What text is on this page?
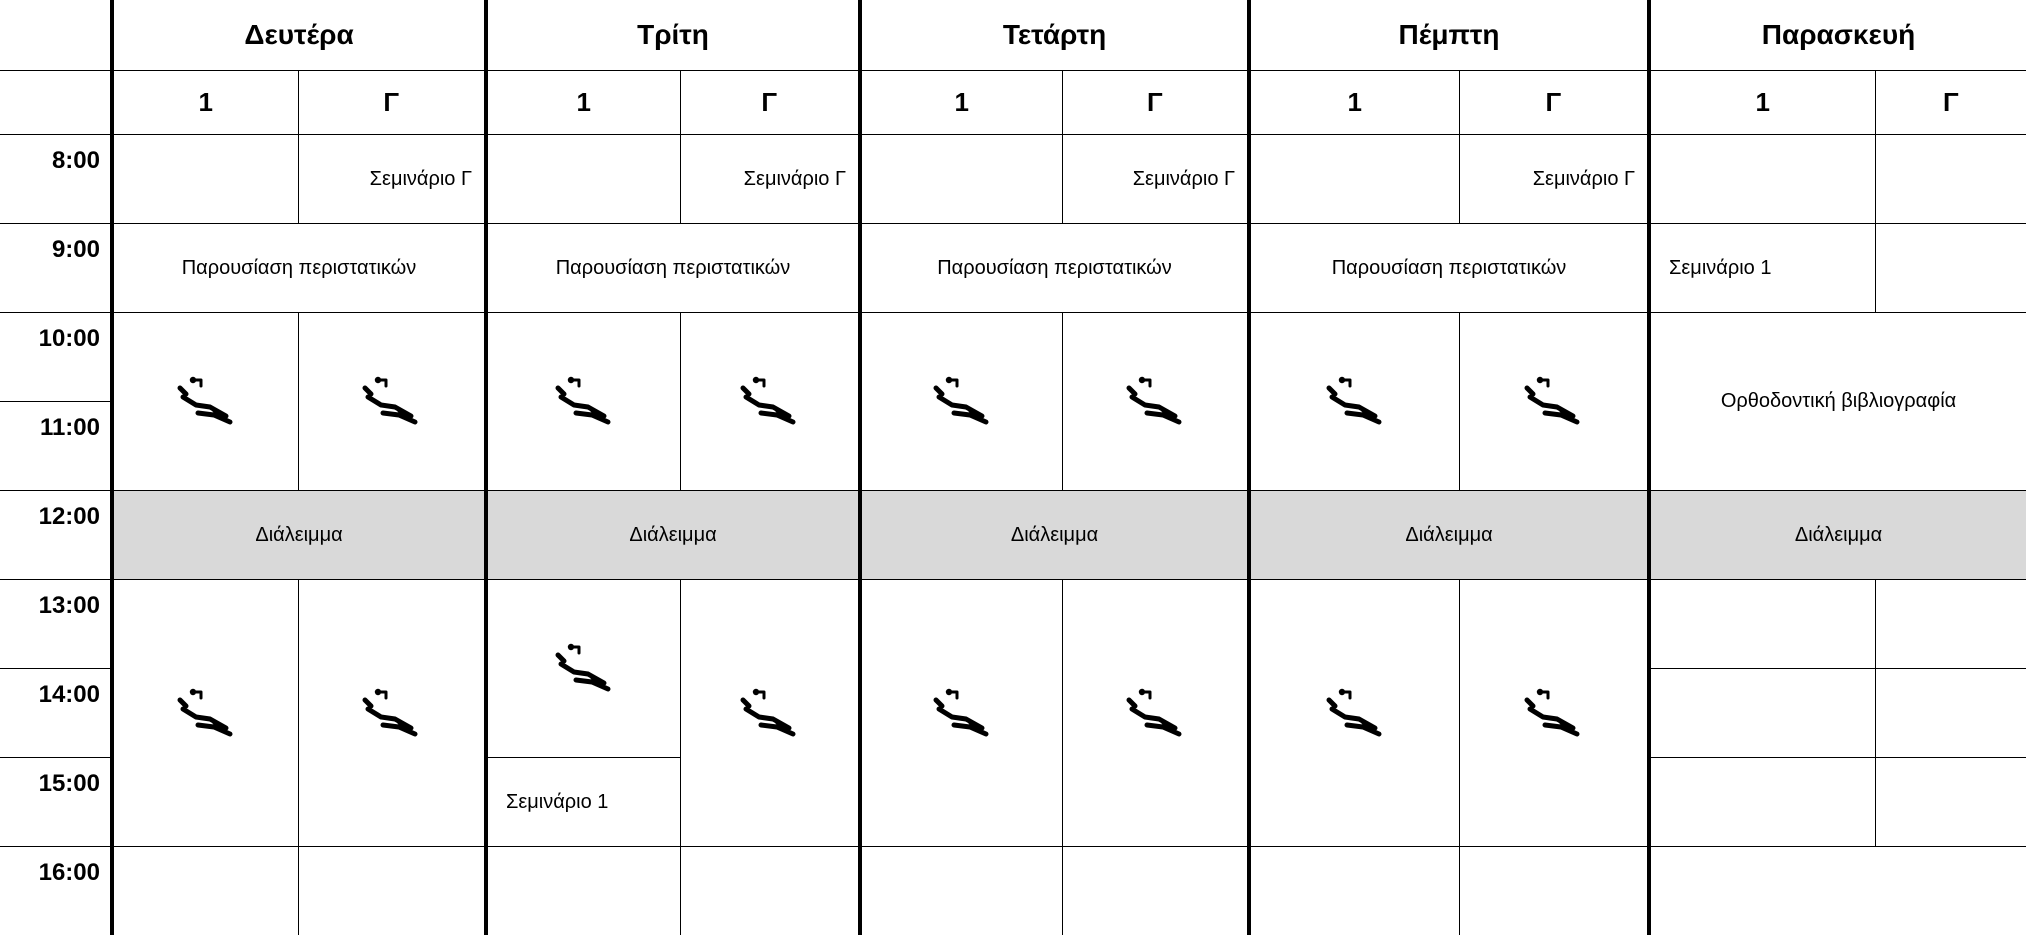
	Δευτέρα		Τρίτη		Τετάρτη		Πέμπτη		Παρασκευή	
	1	Γ	1	Γ	1	Γ	1	Γ	1	Γ
8:00		Σεμινάριο Γ		Σεμινάριο Γ		Σεμινάριο Γ		Σεμινάριο Γ		
9:00	Παρουσίαση περιστατικών		Παρουσίαση περιστατικών		Παρουσίαση περιστατικών		Παρουσίαση περιστατικών		Σεμινάριο 1	
10:00									Ορθοδοντική βιβλιογραφία	
11:00										
12:00	Διάλειμμα		Διάλειμμα		Διάλειμμα		Διάλειμμα		Διάλειμμα	
13:00										
14:00										
15:00			Σεμινάριο 1							
16:00										
